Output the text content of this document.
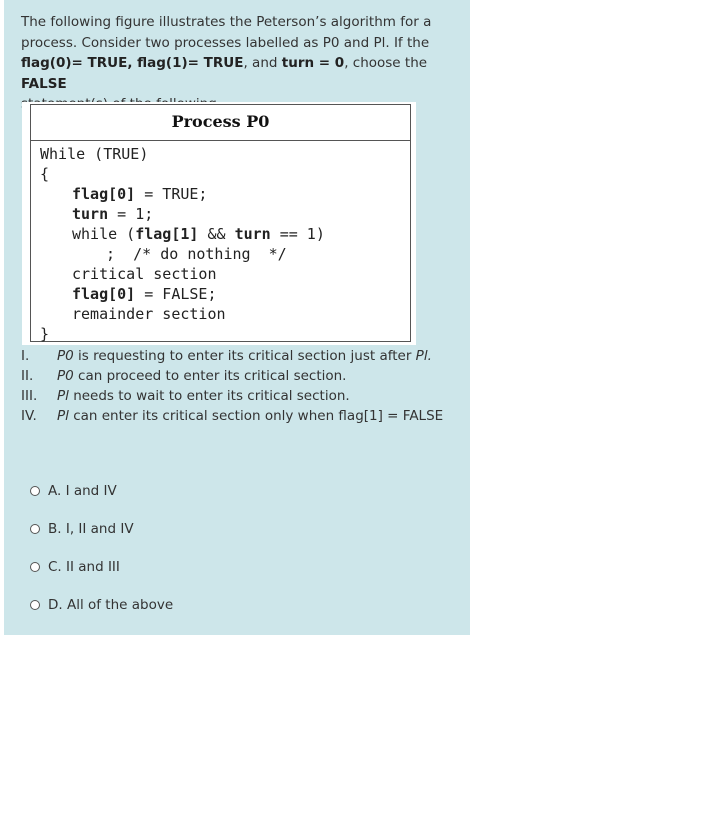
The following figure illustrates the Peterson’s algorithm for a
process. Consider two processes labelled as P0 and Pl. If the
flag(0)= TRUE, flag(1)= TRUE, and turn = 0, choose the FALSE
Process P0
While (TRUE)
{
flag[0] = TRUE;
turn = 1;
while (flag[1] && turn == 1)
;  /* do nothing  */
critical section
flag[0] = FALSE;
remainder section
}
I.	P0 is requesting to enter its critical section just after Pl.
II.	P0 can proceed to enter its critical section.
III.	Pl needs to wait to enter its critical section.
IV.	Pl can enter its critical section only when flag[1] = FALSE
A. I and IV
B. I, II and IV
C. II and III
D. All of the above
